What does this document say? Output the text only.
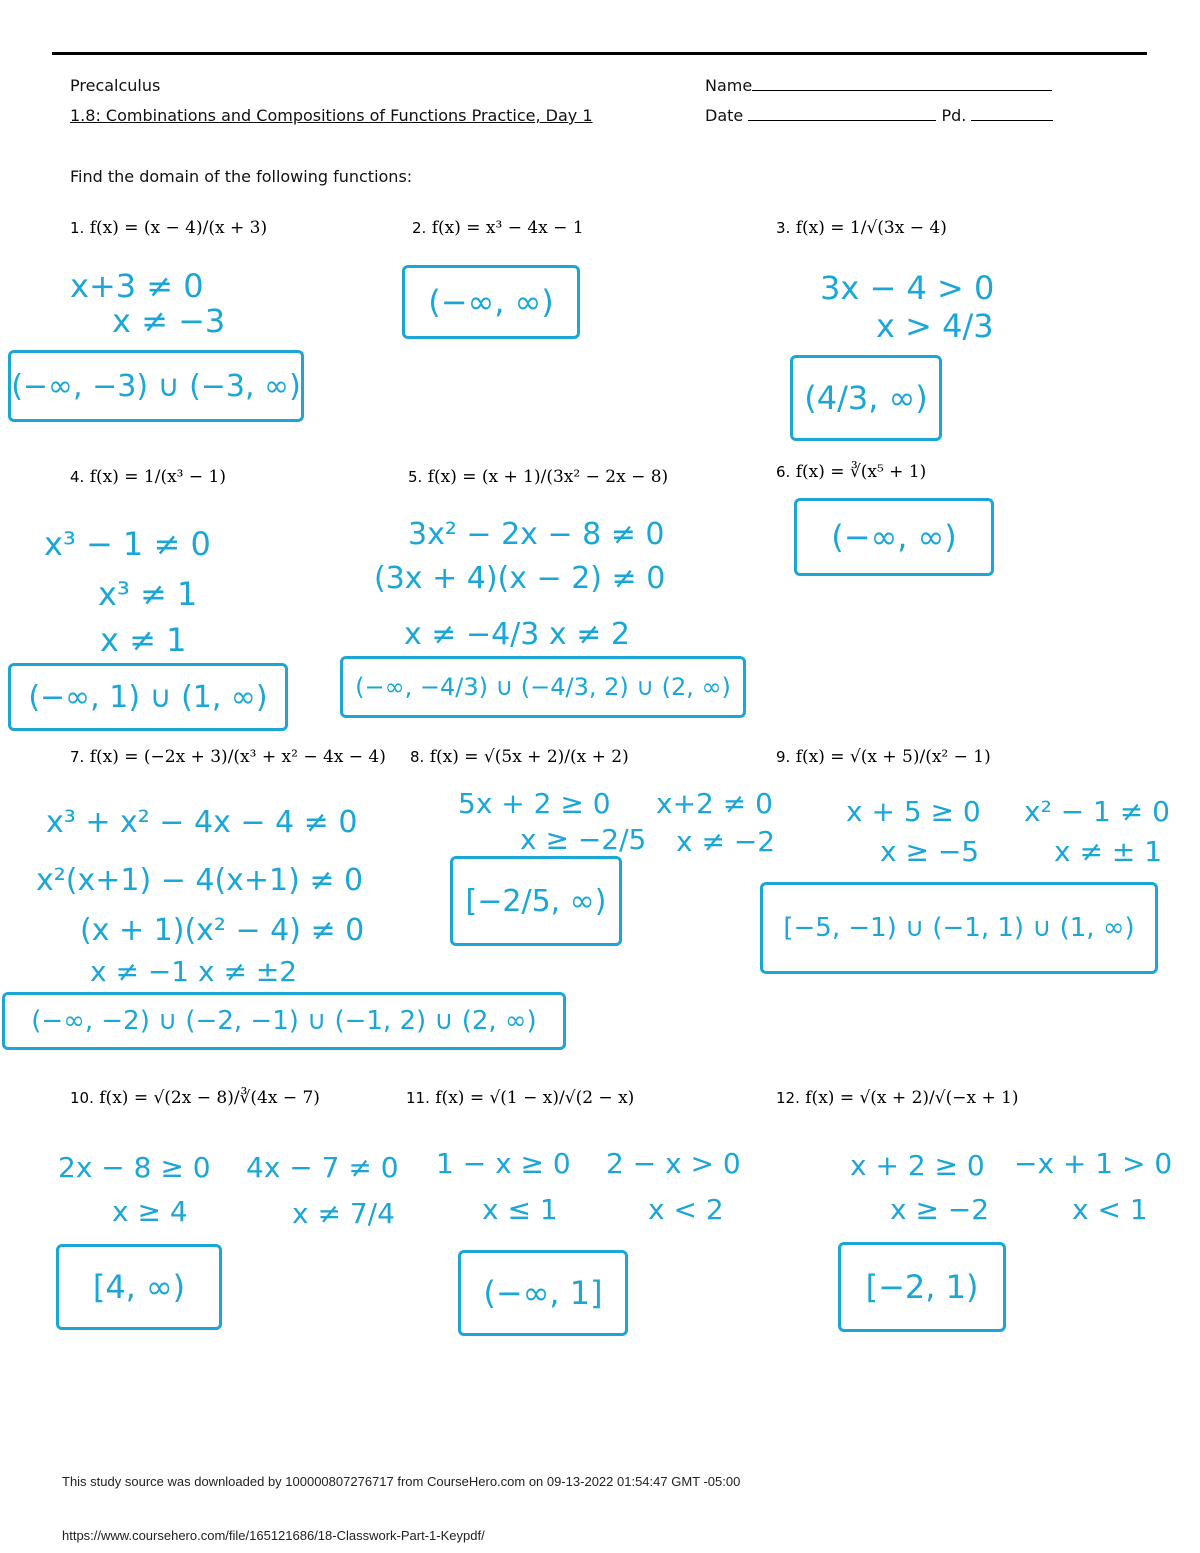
Precalculus
1.8: Combinations and Compositions of Functions Practice, Day 1
Name
Date	Pd.
Find the domain of the following functions:
1. f(x) = (x − 4)/(x + 3)
x+3 ≠ 0
x ≠ −3
(−∞, −3) ∪ (−3, ∞)
2. f(x) = x³ − 4x − 1
(−∞, ∞)
3. f(x) = 1/√(3x − 4)
3x − 4 > 0
x > 4/3
(4/3, ∞)
4. f(x) = 1/(x³ − 1)
x³ − 1 ≠ 0
x³ ≠ 1
x ≠ 1
(−∞, 1) ∪ (1, ∞)
5. f(x) = (x + 1)/(3x² − 2x − 8)
3x² − 2x − 8 ≠ 0
(3x + 4)(x − 2) ≠ 0
x ≠ −4/3 x ≠ 2
(−∞, −4/3) ∪ (−4/3, 2) ∪ (2, ∞)
6. f(x) = ∛(x⁵ + 1)
(−∞, ∞)
7. f(x) = (−2x + 3)/(x³ + x² − 4x − 4)
x³ + x² − 4x − 4 ≠ 0
x²(x+1) − 4(x+1) ≠ 0
(x + 1)(x² − 4) ≠ 0
x ≠ −1 x ≠ ±2
(−∞, −2) ∪ (−2, −1) ∪ (−1, 2) ∪ (2, ∞)
8. f(x) = √(5x + 2)/(x + 2)
5x + 2 ≥ 0
x ≥ −2/5
x+2 ≠ 0
x ≠ −2
[−2/5, ∞)
9. f(x) = √(x + 5)/(x² − 1)
x + 5 ≥ 0
x ≥ −5
x² − 1 ≠ 0
x ≠ ± 1
[−5, −1) ∪ (−1, 1) ∪ (1, ∞)
10. f(x) = √(2x − 8)/∛(4x − 7)
2x − 8 ≥ 0
x ≥ 4
4x − 7 ≠ 0
x ≠ 7/4
[4, ∞)
11. f(x) = √(1 − x)/√(2 − x)
1 − x ≥ 0
x ≤ 1
2 − x > 0
x < 2
(−∞, 1]
12. f(x) = √(x + 2)/√(−x + 1)
x + 2 ≥ 0
x ≥ −2
−x + 1 > 0
x < 1
[−2, 1)
This study source was downloaded by 100000807276717 from CourseHero.com on 09-13-2022 01:54:47 GMT -05:00
https://www.coursehero.com/file/165121686/18-Classwork-Part-1-Keypdf/
